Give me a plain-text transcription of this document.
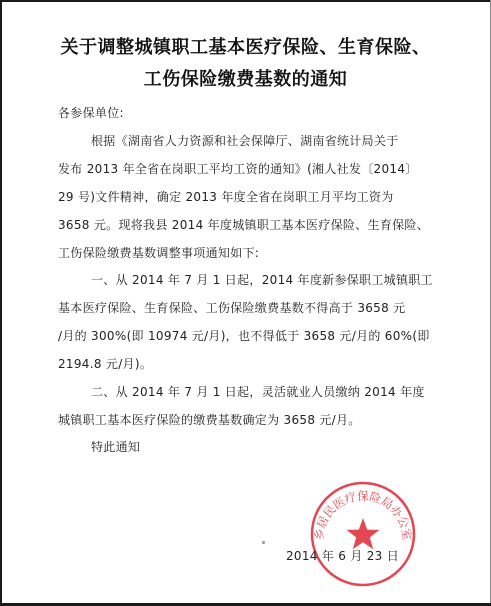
关于调整城镇职工基本医疗保险、生育保险、
工伤保险缴费基数的通知
各参保单位:
根据《湖南省人力资源和社会保障厅、湖南省统计局关于
发布 2013 年全省在岗职工平均工资的通知》(湘人社发〔2014〕
29 号)文件精神，确定 2013 年度全省在岗职工月平均工资为
3658 元。现将我县 2014 年度城镇职工基本医疗保险、生育保险、
工伤保险缴费基数调整事项通知如下:
一、从 2014 年 7 月 1 日起，2014 年度新参保职工城镇职工
基本医疗保险、生育保险、工伤保险缴费基数不得高于 3658 元
/月的 300%(即 10974 元/月)，也不得低于 3658 元/月的 60%(即
2194.8 元/月)。
二、从 2014 年 7 月 1 日起，灵活就业人员缴纳 2014 年度
城镇职工基本医疗保险的缴费基数确定为 3658 元/月。
特此通知
乡居民医疗保险局办公室
2014 年 6 月 23 日
